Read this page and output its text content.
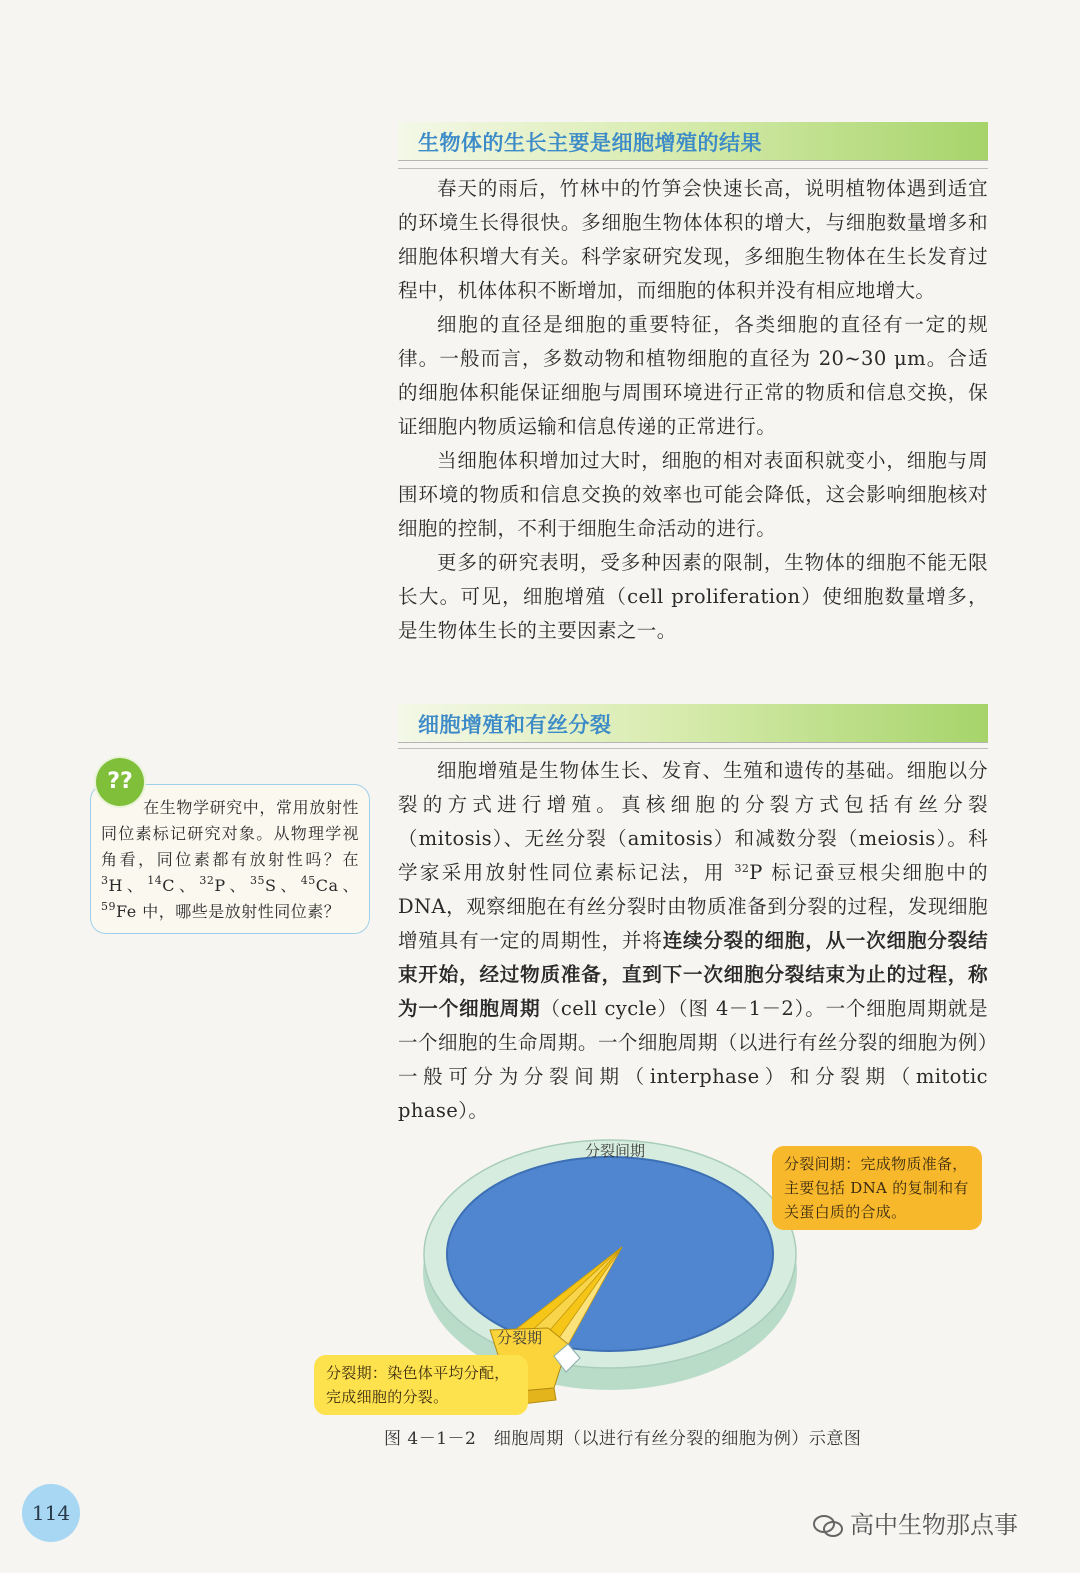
生物体的生长主要是细胞增殖的结果

春天的雨后，竹林中的竹笋会快速长高，说明植物体遇到适宜的环境生长得很快。多细胞生物体体积的增大，与细胞数量增多和细胞体积增大有关。科学家研究发现，多细胞生物体在生长发育过程中，机体体积不断增加，而细胞的体积并没有相应地增大。

细胞的直径是细胞的重要特征，各类细胞的直径有一定的规律。一般而言，多数动物和植物细胞的直径为 20~30 μm。合适的细胞体积能保证细胞与周围环境进行正常的物质和信息交换，保证细胞内物质运输和信息传递的正常进行。

当细胞体积增加过大时，细胞的相对表面积就变小，细胞与周围环境的物质和信息交换的效率也可能会降低，这会影响细胞核对细胞的控制，不利于细胞生命活动的进行。

更多的研究表明，受多种因素的限制，生物体的细胞不能无限长大。可见，细胞增殖（cell proliferation）使细胞数量增多，是生物体生长的主要因素之一。

细胞增殖和有丝分裂

细胞增殖是生物体生长、发育、生殖和遗传的基础。细胞以分裂的方式进行增殖。真核细胞的分裂方式包括有丝分裂（mitosis）、无丝分裂（amitosis）和减数分裂（meiosis）。科学家采用放射性同位素标记法，用 $^{32}$P 标记蚕豆根尖细胞中的 DNA，观察细胞在有丝分裂时由物质准备到分裂的过程，发现细胞增殖具有一定的周期性，并将连续分裂的细胞，从一次细胞分裂结束开始，经过物质准备，直到下一次细胞分裂结束为止的过程，称为一个细胞周期（cell cycle）（图 4－1－2）。一个细胞周期就是一个细胞的生命周期。一个细胞周期（以进行有丝分裂的细胞为例）一般可分为分裂间期（interphase）和分裂期（mitotic phase）。

在生物学研究中，常用放射性同位素标记研究对象。从物理学视角看，同位素都有放射性吗？在 $^3$H、$^{14}$C、$^{32}$P、$^{35}$S、$^{45}$Ca、$^{59}$Fe 中，哪些是放射性同位素？
??
分裂间期
分裂期
分裂间期：完成物质准备，主要包括 DNA 的复制和有关蛋白质的合成。
分裂期：染色体平均分配，完成细胞的分裂。
图 4－1－2　细胞周期（以进行有丝分裂的细胞为例）示意图
114	高中生物那点事
